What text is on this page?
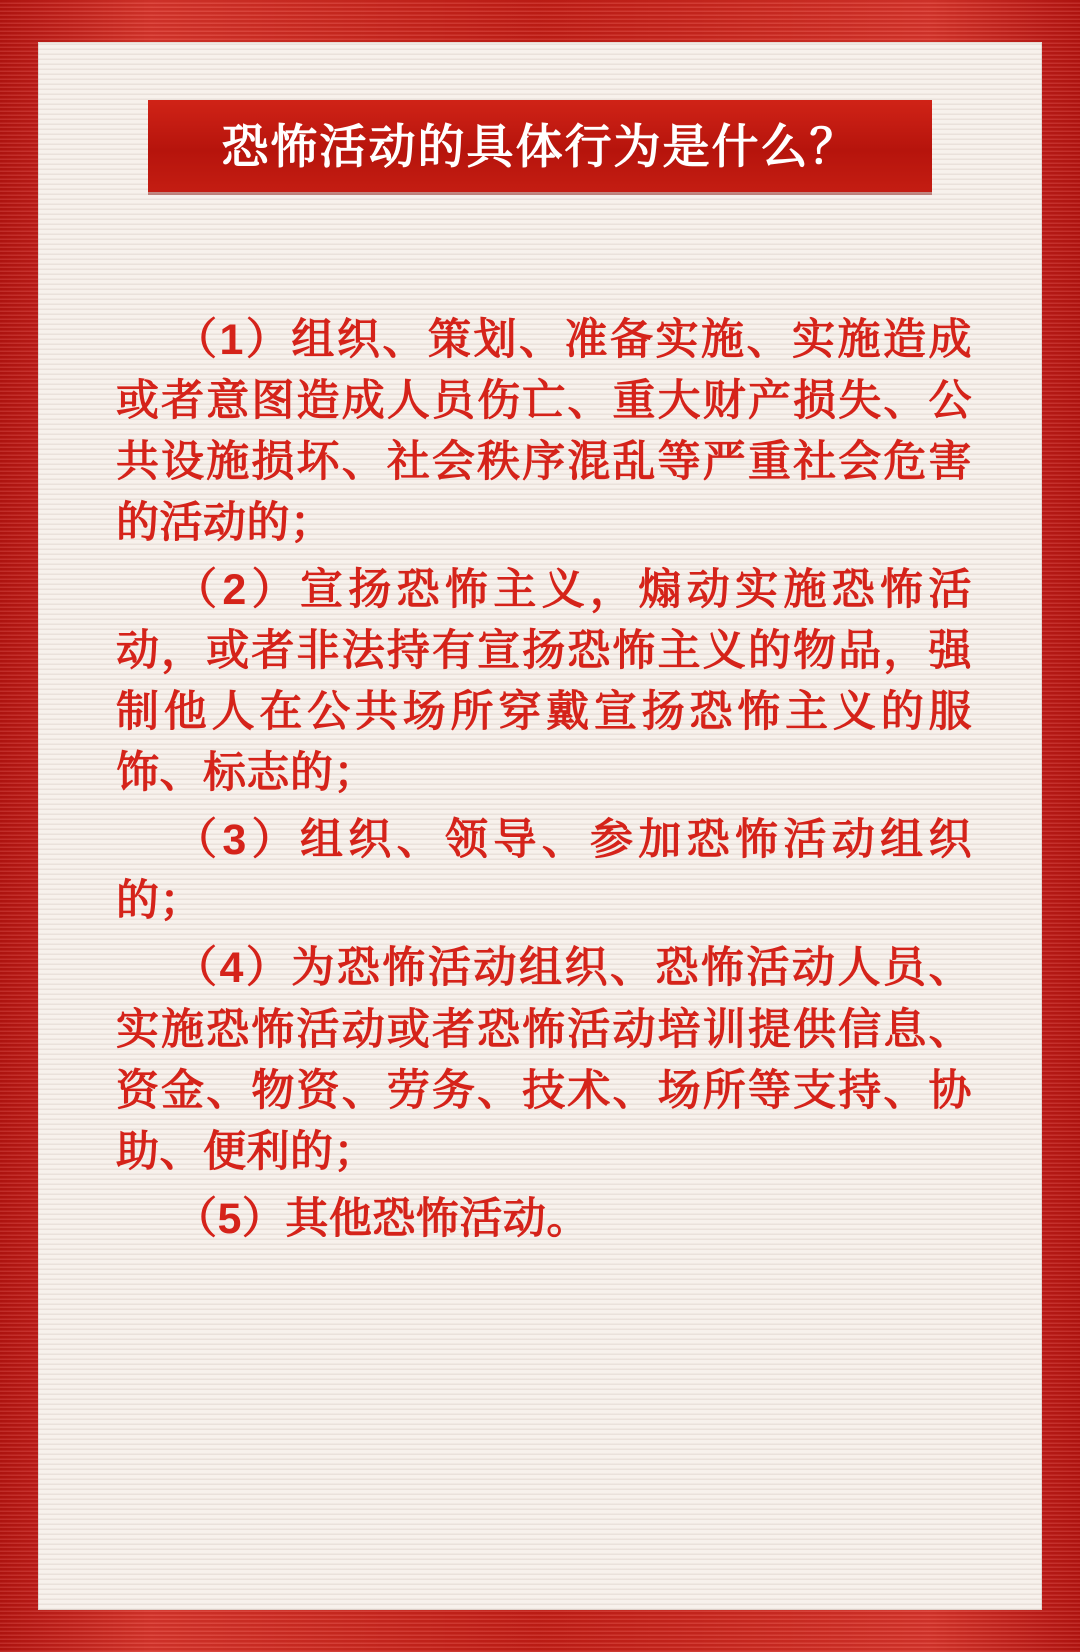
恐怖活动的具体行为是什么？

（1）组织、策划、准备实施、实施造成或者意图造成人员伤亡、重大财产损失、公共设施损坏、社会秩序混乱等严重社会危害的活动的；

（2）宣扬恐怖主义，煽动实施恐怖活动，或者非法持有宣扬恐怖主义的物品，强制他人在公共场所穿戴宣扬恐怖主义的服饰、标志的；

（3）组织、领导、参加恐怖活动组织的；

（4）为恐怖活动组织、恐怖活动人员、实施恐怖活动或者恐怖活动培训提供信息、资金、物资、劳务、技术、场所等支持、协助、便利的；

（5）其他恐怖活动。
